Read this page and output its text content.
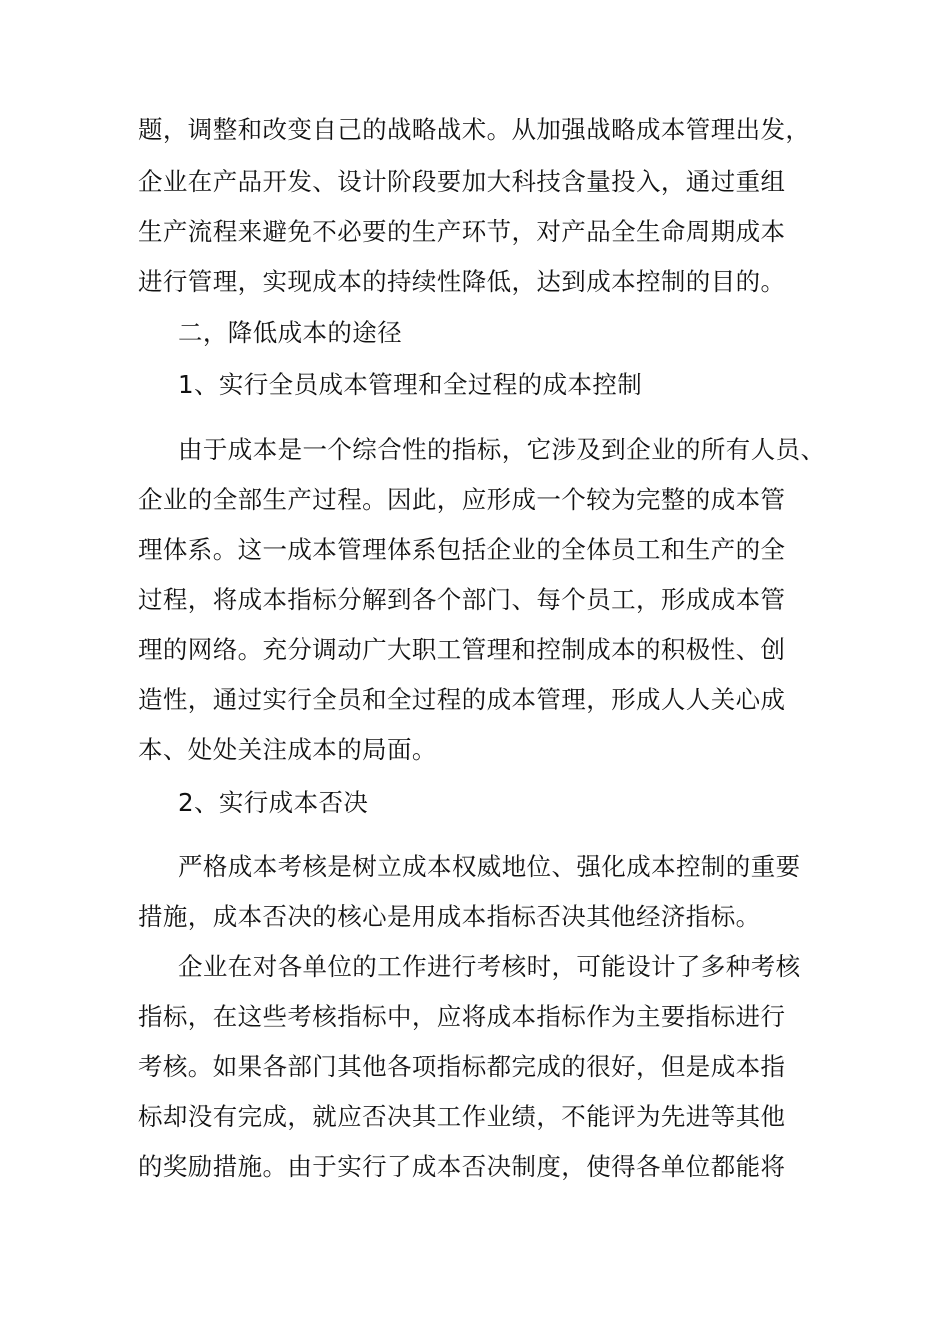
题，调整和改变自己的战略战术。从加强战略成本管理出发，
企业在产品开发、设计阶段要加大科技含量投入，通过重组
生产流程来避免不必要的生产环节，对产品全生命周期成本
进行管理，实现成本的持续性降低，达到成本控制的目的。
二，降低成本的途径
1、实行全员成本管理和全过程的成本控制
由于成本是一个综合性的指标，它涉及到企业的所有人员、
企业的全部生产过程。因此，应形成一个较为完整的成本管
理体系。这一成本管理体系包括企业的全体员工和生产的全
过程，将成本指标分解到各个部门、每个员工，形成成本管
理的网络。充分调动广大职工管理和控制成本的积极性、创
造性，通过实行全员和全过程的成本管理，形成人人关心成
本、处处关注成本的局面。
2、实行成本否决
严格成本考核是树立成本权威地位、强化成本控制的重要
措施，成本否决的核心是用成本指标否决其他经济指标。
企业在对各单位的工作进行考核时，可能设计了多种考核
指标，在这些考核指标中，应将成本指标作为主要指标进行
考核。如果各部门其他各项指标都完成的很好，但是成本指
标却没有完成，就应否决其工作业绩，不能评为先进等其他
的奖励措施。由于实行了成本否决制度，使得各单位都能将
